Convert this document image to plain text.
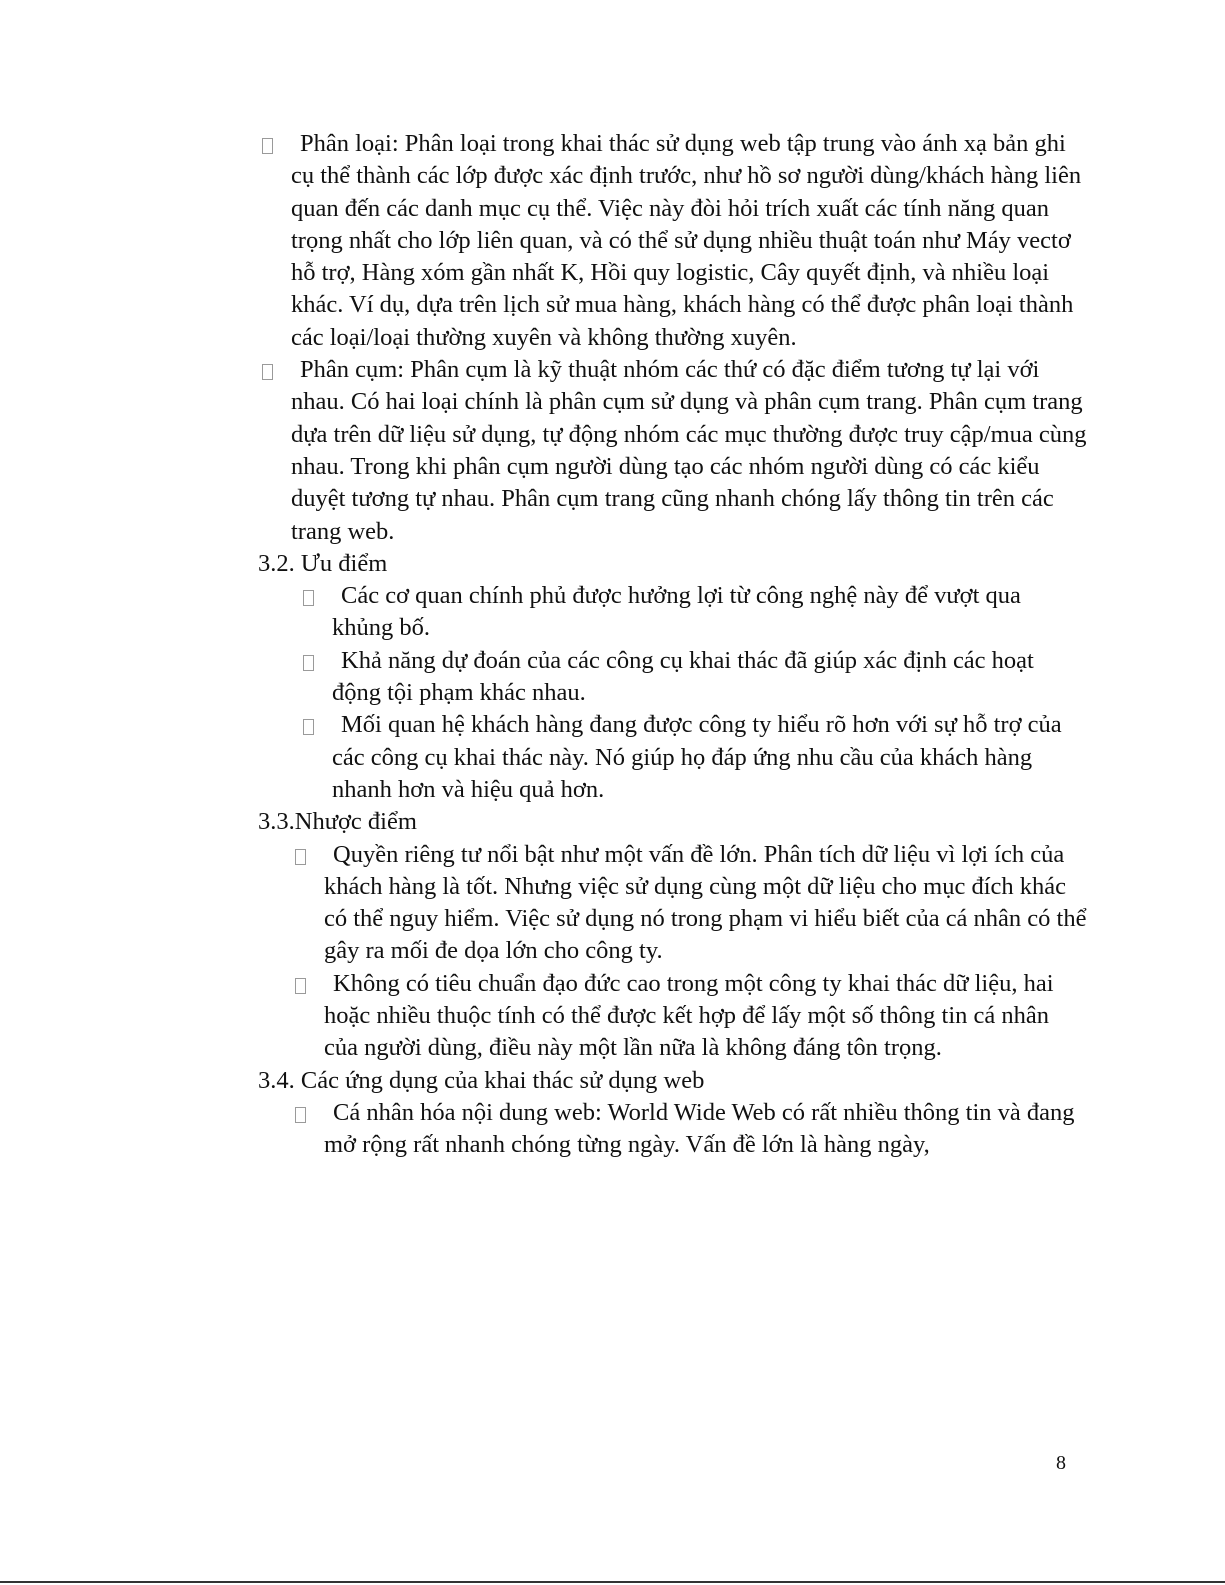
Phân loại: Phân loại trong khai thác sử dụng web tập trung vào ánh xạ bản ghi cụ thể thành các lớp được xác định trước, như hồ sơ người dùng/khách hàng liên quan đến các danh mục cụ thể. Việc này đòi hỏi trích xuất các tính năng quan trọng nhất cho lớp liên quan, và có thể sử dụng nhiều thuật toán như Máy vectơ hỗ trợ, Hàng xóm gần nhất K, Hồi quy logistic, Cây quyết định, và nhiều loại khác. Ví dụ, dựa trên lịch sử mua hàng, khách hàng có thể được phân loại thành các loại/loại thường xuyên và không thường xuyên.
Phân cụm: Phân cụm là kỹ thuật nhóm các thứ có đặc điểm tương tự lại với nhau. Có hai loại chính là phân cụm sử dụng và phân cụm trang. Phân cụm trang dựa trên dữ liệu sử dụng, tự động nhóm các mục thường được truy cập/mua cùng nhau. Trong khi phân cụm người dùng tạo các nhóm người dùng có các kiểu duyệt tương tự nhau. Phân cụm trang cũng nhanh chóng lấy thông tin trên các trang web.
3.2. Ưu điểm
Các cơ quan chính phủ được hưởng lợi từ công nghệ này để vượt qua khủng bố.
Khả năng dự đoán của các công cụ khai thác đã giúp xác định các hoạt động tội phạm khác nhau.
Mối quan hệ khách hàng đang được công ty hiểu rõ hơn với sự hỗ trợ của các công cụ khai thác này. Nó giúp họ đáp ứng nhu cầu của khách hàng nhanh hơn và hiệu quả hơn.
3.3.Nhược điểm
Quyền riêng tư nổi bật như một vấn đề lớn. Phân tích dữ liệu vì lợi ích của khách hàng là tốt. Nhưng việc sử dụng cùng một dữ liệu cho mục đích khác có thể nguy hiểm. Việc sử dụng nó trong phạm vi hiểu biết của cá nhân có thể gây ra mối đe dọa lớn cho công ty.
Không có tiêu chuẩn đạo đức cao trong một công ty khai thác dữ liệu, hai hoặc nhiều thuộc tính có thể được kết hợp để lấy một số thông tin cá nhân của người dùng, điều này một lần nữa là không đáng tôn trọng.
3.4. Các ứng dụng của khai thác sử dụng web
Cá nhân hóa nội dung web: World Wide Web có rất nhiều thông tin và đang mở rộng rất nhanh chóng từng ngày. Vấn đề lớn là hàng ngày,
8
